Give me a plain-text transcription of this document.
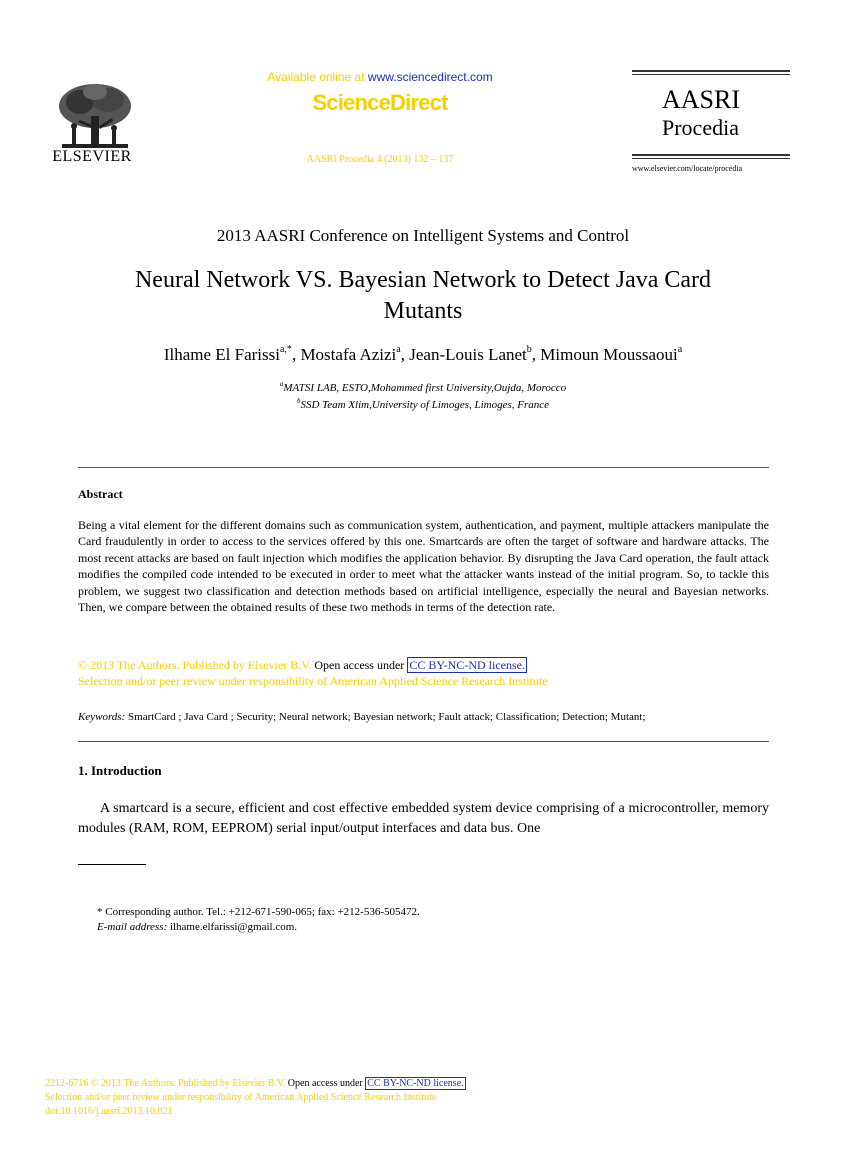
ELSEVIER
Available online at www.sciencedirect.com
ScienceDirect
AASRI Procedia 4 (2013) 132 – 137
AASRI
Procedia
www.elsevier.com/locate/procedia
2013 AASRI Conference on Intelligent Systems and Control
Neural Network VS. Bayesian Network to Detect Java Card
Mutants
Ilhame El Farissi$^{a,*}$, Mostafa Azizi$^a$, Jean-Louis Lanet$^b$, Mimoun Moussaoui$^a$
$^a$MATSI LAB, ESTO,Mohammed first University,Oujda, Morocco
$^b$SSD Team Xlim,University of Limoges, Limoges, France
Abstract
Being a vital element for the different domains such as communication system, authentication, and payment, multiple attackers manipulate the Card fraudulently in order to access to the services offered by this one. Smartcards are often the target of software and hardware attacks. The most recent attacks are based on fault injection which modifies the application behavior. By disrupting the Java Card operation, the fault attack modifies the compiled code intended to be executed in order to meet what the attacker wants instead of the initial program. So, to tackle this problem, we suggest two classification and detection methods based on artificial intelligence, especially the neural and Bayesian networks. Then, we compare between the obtained results of these two methods in terms of the detection rate.
© 2013 The Authors. Published by Elsevier B.V. Open access under CC BY-NC-ND license.
Selection and/or peer review under responsibility of American Applied Science Research Institute
Keywords: SmartCard ; Java Card ; Security; Neural network; Bayesian network; Fault attack; Classification; Detection; Mutant;
1. Introduction
A smartcard is a secure, efficient and cost effective embedded system device comprising of a microcontroller, memory modules (RAM, ROM, EEPROM) serial input/output interfaces and data bus. One
* Corresponding author. Tel.: +212-671-590-065; fax: +212-536-505472.
E-mail address: ilhame.elfarissi@gmail.com.
2212-6716 © 2013 The Authors. Published by Elsevier B.V. Open access under CC BY-NC-ND license.
Selection and/or peer review under responsibility of American Applied Science Research Institute
doi:10.1016/j.aasri.2013.10.021
